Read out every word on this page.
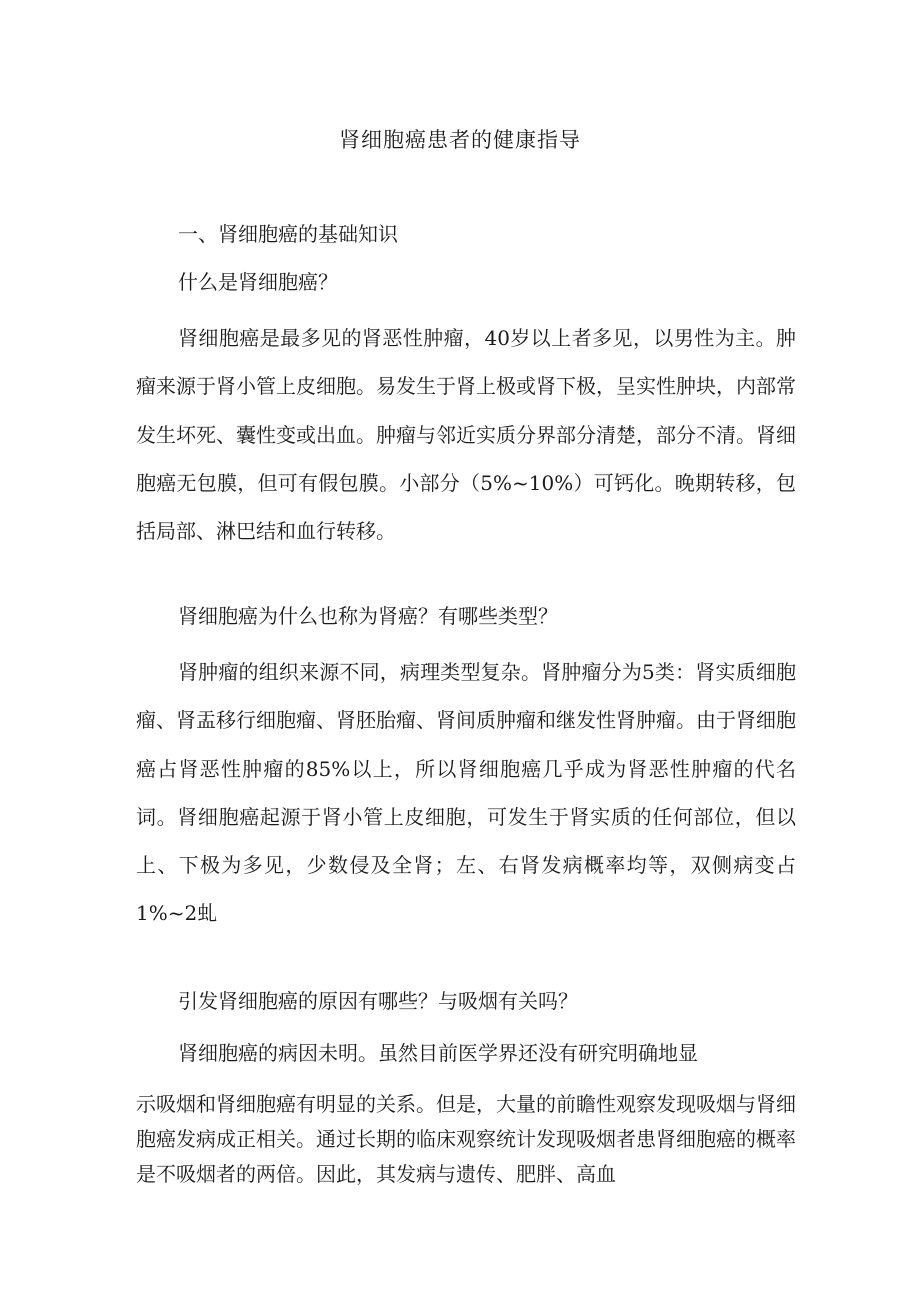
肾细胞癌患者的健康指导

一、肾细胞癌的基础知识

什么是肾细胞癌？

肾细胞癌是最多见的肾恶性肿瘤，40岁以上者多见，以男性为主。肿瘤来源于肾小管上皮细胞。易发生于肾上极或肾下极，呈实性肿块，内部常发生坏死、囊性变或出血。肿瘤与邻近实质分界部分清楚，部分不清。肾细胞癌无包膜，但可有假包膜。小部分（5%~10%）可钙化。晚期转移，包括局部、淋巴结和血行转移。

肾细胞癌为什么也称为肾癌？有哪些类型？

肾肿瘤的组织来源不同，病理类型复杂。肾肿瘤分为5类：肾实质细胞瘤、肾盂移行细胞瘤、肾胚胎瘤、肾间质肿瘤和继发性肾肿瘤。由于肾细胞癌占肾恶性肿瘤的85%以上，所以肾细胞癌几乎成为肾恶性肿瘤的代名词。肾细胞癌起源于肾小管上皮细胞，可发生于肾实质的任何部位，但以上、下极为多见，少数侵及全肾；左、右肾发病概率均等，双侧病变占1%~2虬

引发肾细胞癌的原因有哪些？与吸烟有关吗？

肾细胞癌的病因未明。虽然目前医学界还没有研究明确地显

示吸烟和肾细胞癌有明显的关系。但是，大量的前瞻性观察发现吸烟与肾细胞癌发病成正相关。通过长期的临床观察统计发现吸烟者患肾细胞癌的概率是不吸烟者的两倍。因此，其发病与遗传、肥胖、高血
